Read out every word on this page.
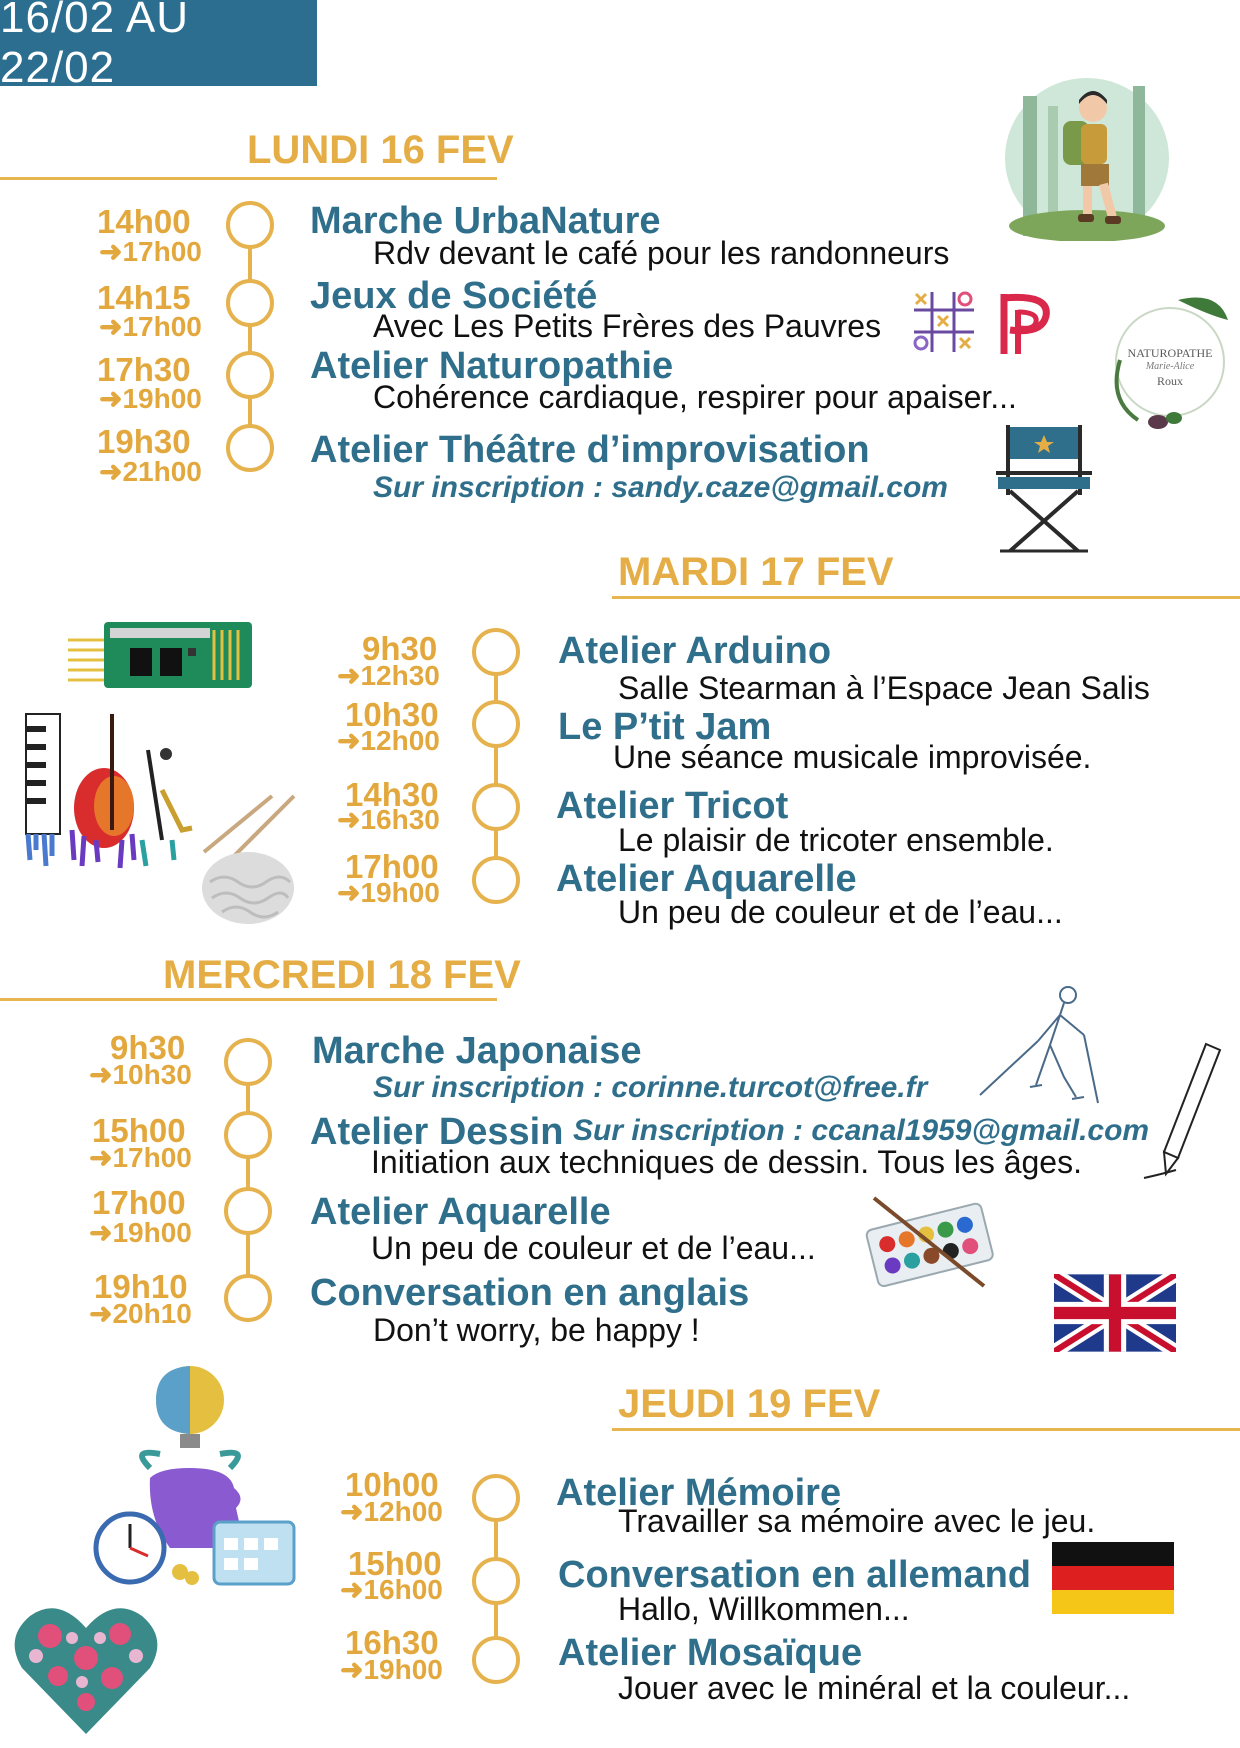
16/02 AU 22/02
LUNDI 16 FEV
14h00
➜17h00
14h15
➜17h00
17h30
➜19h00
19h30
➜21h00
Marche UrbaNature
Rdv devant le café pour les randonneurs
Jeux de Société
Avec Les Petits Frères des Pauvres
Atelier Naturopathie
Cohérence cardiaque, respirer pour apaiser...
Atelier Théâtre d’improvisation
Sur inscription : sandy.caze@gmail.com
NATUROPATHE
Marie-Alice
Roux
MARDI 17 FEV
9h30
➜12h30
10h30
➜12h00
14h30
➜16h30
17h00
➜19h00
Atelier Arduino
Salle Stearman à l’Espace Jean Salis
Le P’tit Jam
Une séance musicale improvisée.
Atelier Tricot
Le plaisir de tricoter ensemble.
Atelier Aquarelle
Un peu de couleur et de l’eau...
MERCREDI 18 FEV
9h30
➜10h30
15h00
➜17h00
17h00
➜19h00
19h10
➜20h10
Marche Japonaise
Sur inscription : corinne.turcot@free.fr
Atelier Dessin Sur inscription : ccanal1959@gmail.com
Initiation aux techniques de dessin. Tous les âges.
Atelier Aquarelle
Un peu de couleur et de l’eau...
Conversation en anglais
Don’t worry, be happy !
JEUDI 19 FEV
10h00
➜12h00
15h00
➜16h00
16h30
➜19h00
Atelier Mémoire
Travailler sa mémoire avec le jeu.
Conversation en allemand
Hallo, Willkommen...
Atelier Mosaïque
Jouer avec le minéral et la couleur...
